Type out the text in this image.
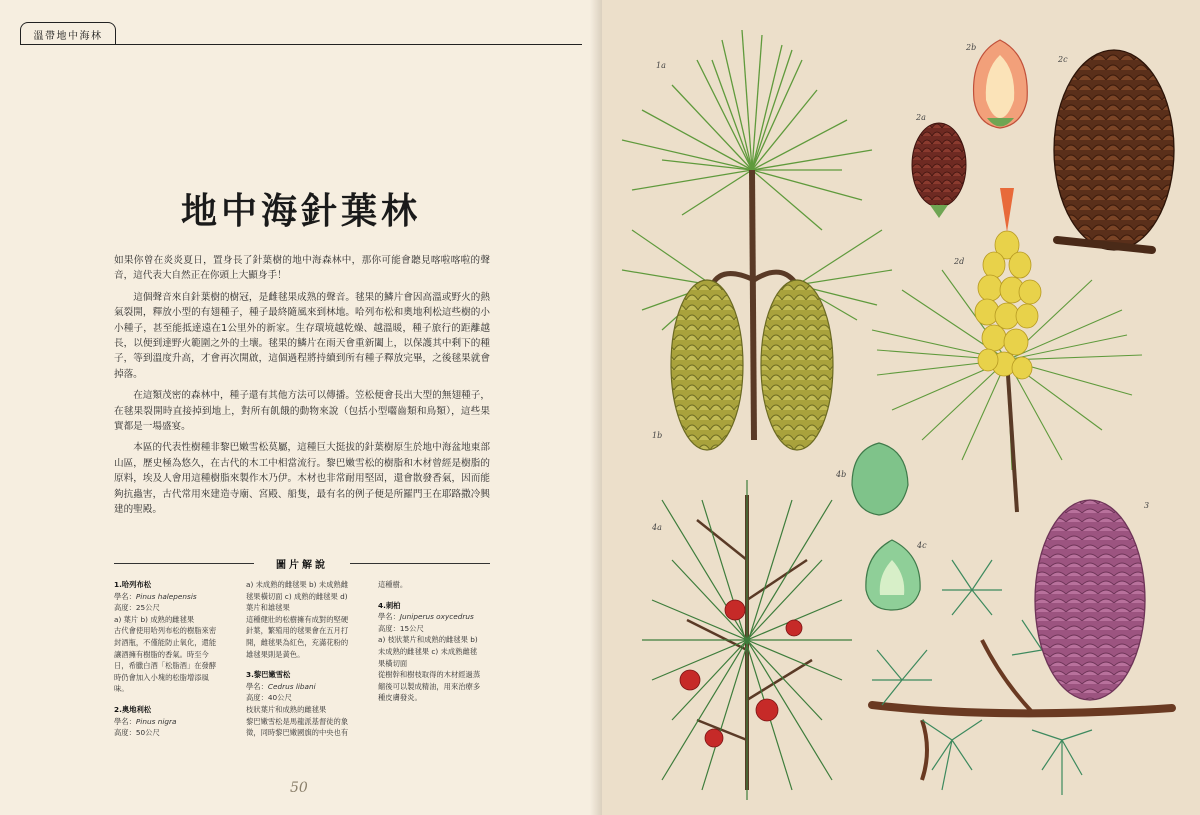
溫帶地中海林
地中海針葉林

如果你曾在炎炎夏日，置身長了針葉樹的地中海森林中，那你可能會聽見喀啦喀啦的聲音，這代表大自然正在你頭上大顯身手！

這個聲音來自針葉樹的樹冠，是雌毬果成熟的聲音。毬果的鱗片會因高溫或野火的熱氣裂開，釋放小型的有翅種子，種子最終隨風來到林地。哈列布松和奧地利松這些樹的小小種子，甚至能抵達遠在1公里外的新家。生存環境越乾燥、越溫暖，種子旅行的距離越長，以便到達野火範圍之外的土壤。毬果的鱗片在雨天會重新闔上，以保護其中剩下的種子，等到溫度升高，才會再次開啟，這個過程將持續到所有種子釋放完畢，之後毬果就會掉落。

在這類茂密的森林中，種子還有其他方法可以傳播。笠松便會長出大型的無翅種子，在毬果裂開時直接掉到地上，對所有飢餓的動物來說（包括小型囓齒類和鳥類），這些果實都是一場盛宴。

本區的代表性樹種非黎巴嫩雪松莫屬，這種巨大挺拔的針葉樹原生於地中海盆地東部山區，歷史極為悠久，在古代的木工中相當流行。黎巴嫩雪松的樹脂和木材曾經是樹脂的原料，埃及人會用這種樹脂來製作木乃伊。木材也非常耐用堅固，還會散發香氣，因而能夠抗蟲害，古代常用來建造寺廟、宮殿、船隻，最有名的例子便是所羅門王在耶路撒冷興建的聖殿。

圖片解說
1.哈列布松
學名：Pinus halepensis
高度：25公尺
a) 葉片 b) 成熟的雌毬果
古代會使用哈列布松的樹脂來密
封酒瓶，不僅能防止氧化，還能
讓酒擁有樹脂的香氣。時至今
日，希臘白酒「松脂酒」在發酵
時仍會加入小塊的松脂增添風
味。
2.奧地利松
學名：Pinus nigra
高度：50公尺
a) 未成熟的雌毬果 b) 未成熟雌
毬果橫切面 c) 成熟的雌毬果 d)
葉片和雄毬果
這種健壯的松樹擁有成對的堅硬
針葉，繁殖用的毬果會在五月打
開，雌毬果為紅色，充滿花粉的
雄毬果則是黃色。
3.黎巴嫩雪松
學名：Cedrus libani
高度：40公尺
枝狀葉片和成熟的雌毬果
黎巴嫩雪松是馬龍派基督徒的象
徵，同時黎巴嫩國旗的中央也有
這種樹。
4.刺柏
學名：Juniperus oxycedrus
高度：15公尺
a) 枝狀葉片和成熟的雌毬果 b)
未成熟的雌毬果 c) 未成熟雌毬
果橫切面
從樹幹和樹枝取得的木材經過蒸
餾後可以製成精油，用來治療多
種皮膚發炎。
50
1a
1b
2a
2b
2c
2d
3
4a
4b
4c
